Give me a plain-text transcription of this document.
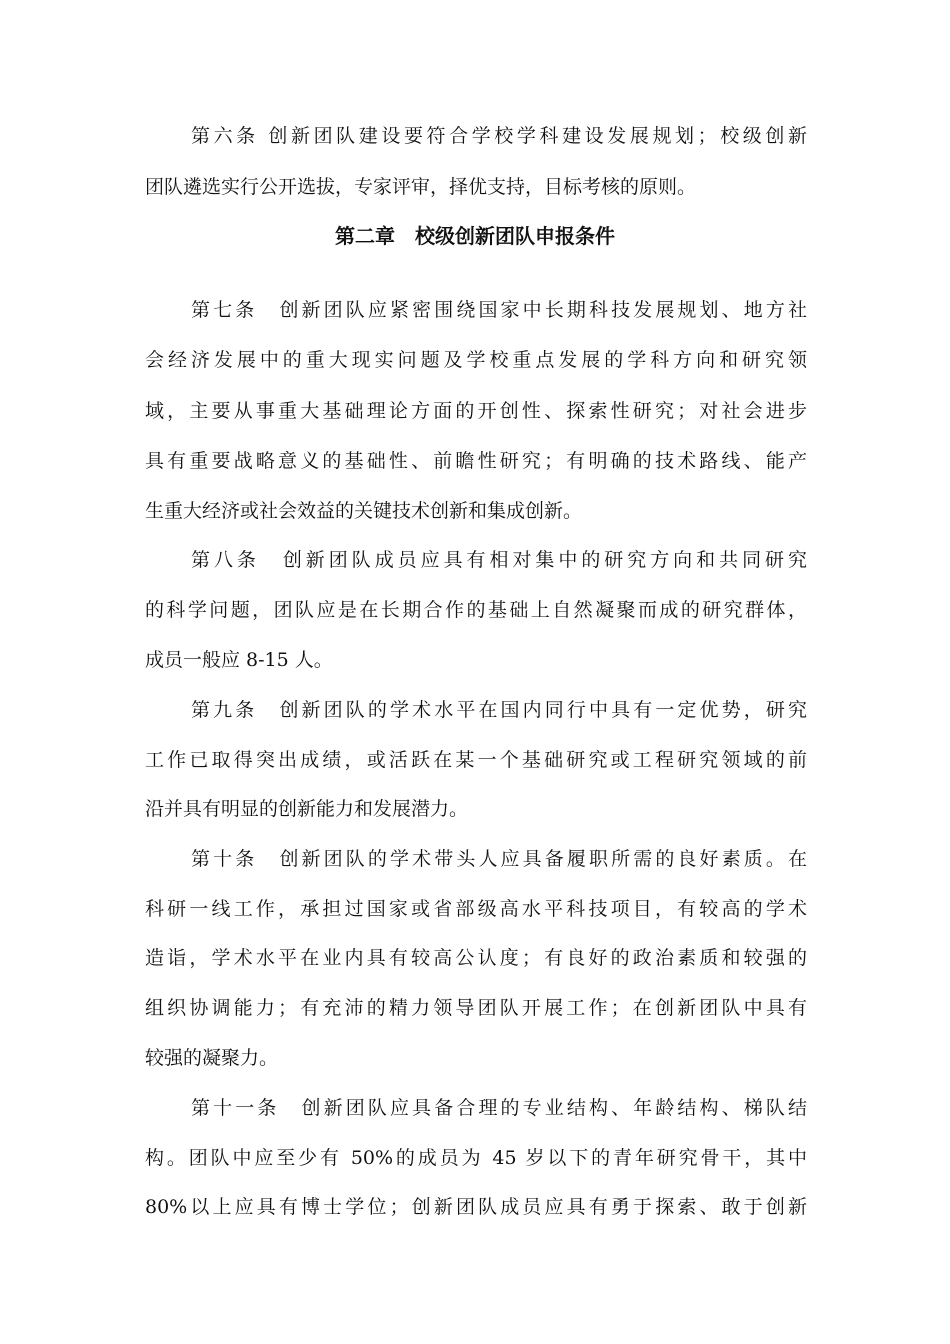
第六条 创新团队建设要符合学校学科建设发展规划；校级创新
团队遴选实行公开选拔，专家评审，择优支持，目标考核的原则。
第二章　校级创新团队申报条件
第七条　创新团队应紧密围绕国家中长期科技发展规划、地方社
会经济发展中的重大现实问题及学校重点发展的学科方向和研究领
域，主要从事重大基础理论方面的开创性、探索性研究；对社会进步
具有重要战略意义的基础性、前瞻性研究；有明确的技术路线、能产
生重大经济或社会效益的关键技术创新和集成创新。
第八条　创新团队成员应具有相对集中的研究方向和共同研究
的科学问题，团队应是在长期合作的基础上自然凝聚而成的研究群体，
成员一般应 8-15 人。
第九条　创新团队的学术水平在国内同行中具有一定优势，研究
工作已取得突出成绩，或活跃在某一个基础研究或工程研究领域的前
沿并具有明显的创新能力和发展潜力。
第十条　创新团队的学术带头人应具备履职所需的良好素质。在
科研一线工作，承担过国家或省部级高水平科技项目，有较高的学术
造诣，学术水平在业内具有较高公认度；有良好的政治素质和较强的
组织协调能力；有充沛的精力领导团队开展工作；在创新团队中具有
较强的凝聚力。
第十一条　创新团队应具备合理的专业结构、年龄结构、梯队结
构。团队中应至少有 50%的成员为 45 岁以下的青年研究骨干，其中
80%以上应具有博士学位；创新团队成员应具有勇于探索、敢于创新
